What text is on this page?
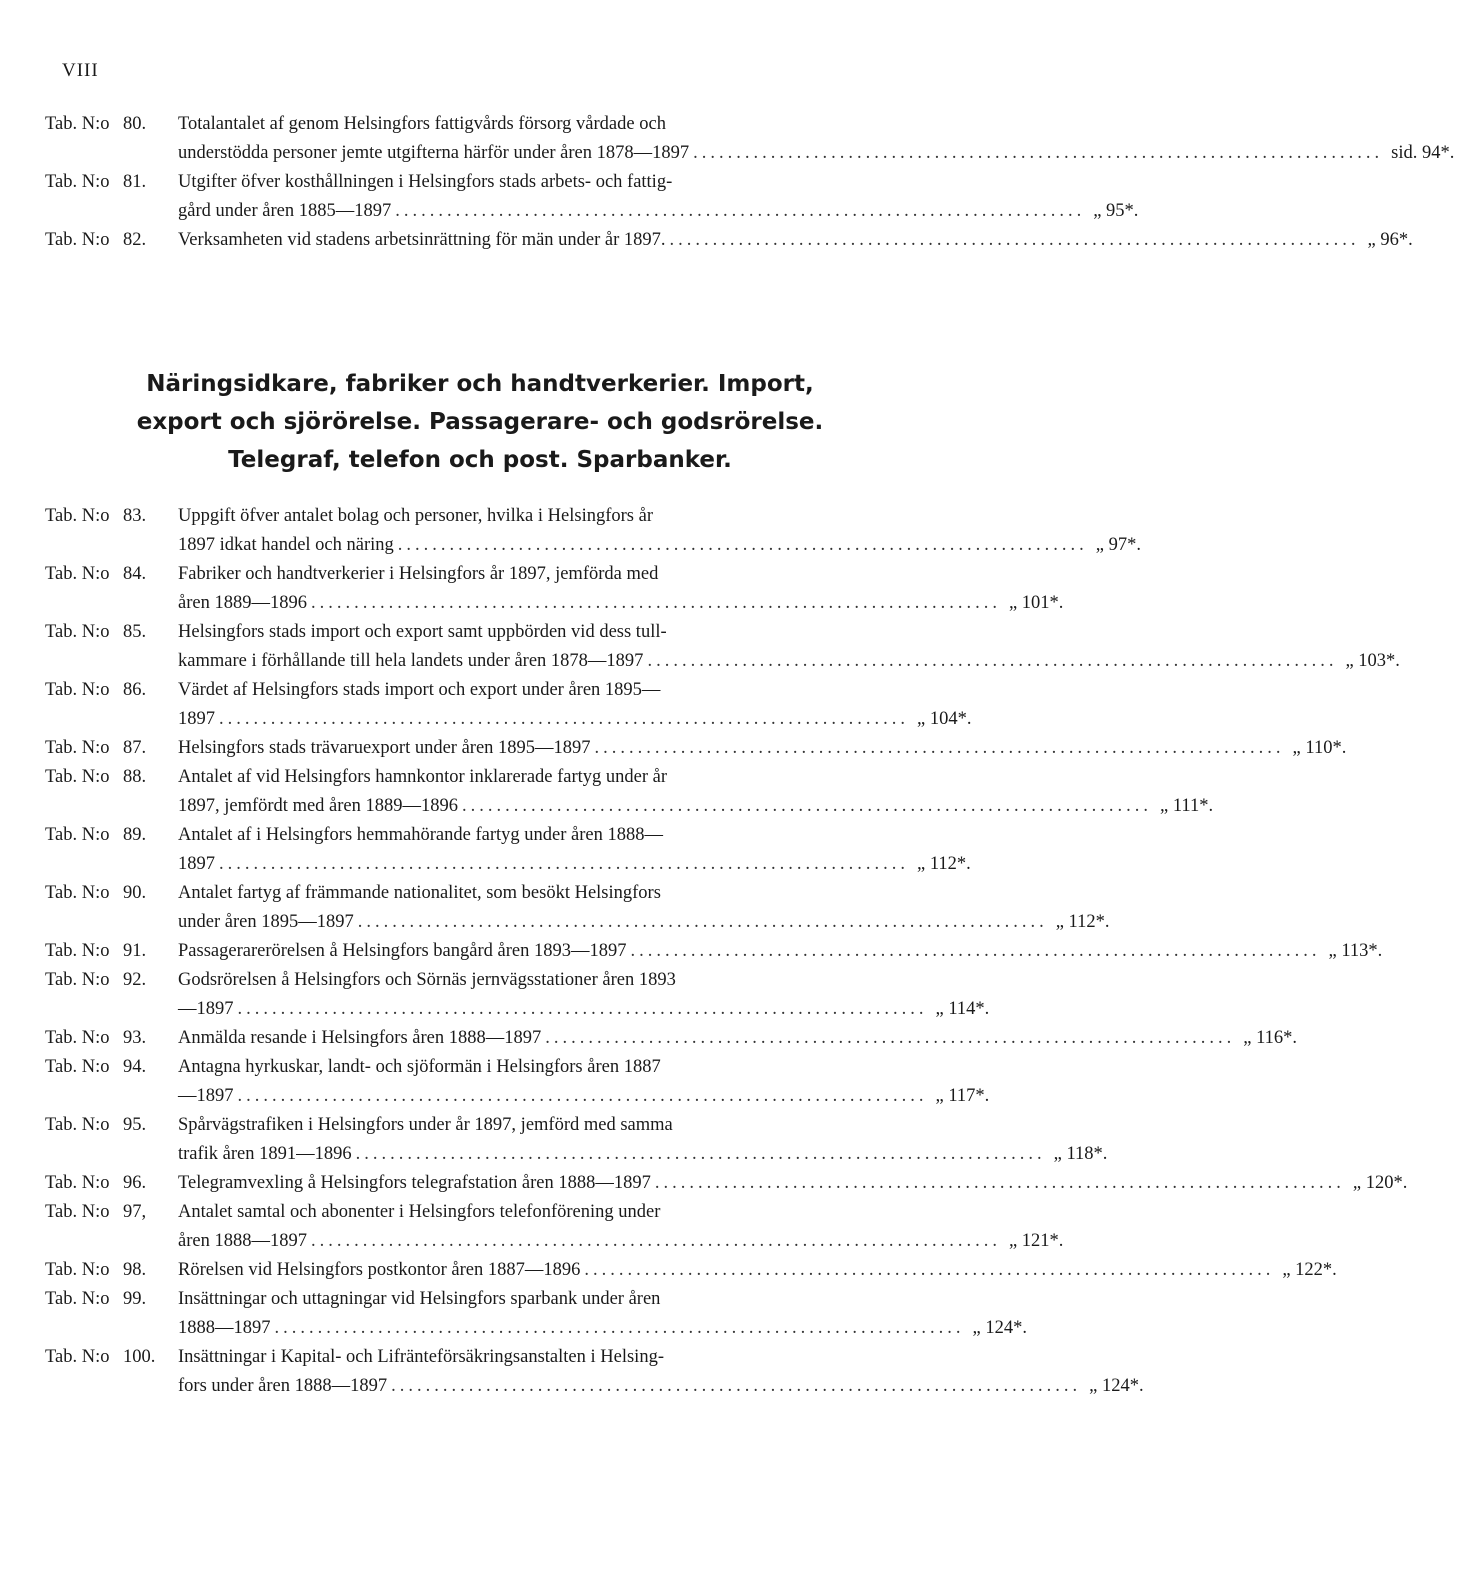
VIII
Tab. N:o 80.	Totalantalet af genom Helsingfors fattigvårds försorg vårdade och
understödda personer jemte utgifterna härför under åren 1878—1897 ................................................................................ sid. 94*.
Tab. N:o 81.	Utgifter öfver kosthållningen i Helsingfors stads arbets- och fattig-
gård under åren 1885—1897 ................................................................................ „ 95*.
Tab. N:o 82.	Verksamheten vid stadens arbetsinrättning för män under år 1897. ................................................................................ „ 96*.
Näringsidkare, fabriker och handtverkerier. Import,
export och sjörörelse. Passagerare- och godsrörelse.
Telegraf, telefon och post. Sparbanker.
Tab. N:o 83.	Uppgift öfver antalet bolag och personer, hvilka i Helsingfors år
1897 idkat handel och näring ................................................................................ „ 97*.
Tab. N:o 84.	Fabriker och handtverkerier i Helsingfors år 1897, jemförda med
åren 1889—1896 ................................................................................ „ 101*.
Tab. N:o 85.	Helsingfors stads import och export samt uppbörden vid dess tull-
kammare i förhållande till hela landets under åren 1878—1897 ................................................................................ „ 103*.
Tab. N:o 86.	Värdet af Helsingfors stads import och export under åren 1895—
1897 ................................................................................ „ 104*.
Tab. N:o 87.	Helsingfors stads trävaruexport under åren 1895—1897 ................................................................................ „ 110*.
Tab. N:o 88.	Antalet af vid Helsingfors hamnkontor inklarerade fartyg under år
1897, jemfördt med åren 1889—1896 ................................................................................ „ 111*.
Tab. N:o 89.	Antalet af i Helsingfors hemmahörande fartyg under åren 1888—
1897 ................................................................................ „ 112*.
Tab. N:o 90.	Antalet fartyg af främmande nationalitet, som besökt Helsingfors
under åren 1895—1897 ................................................................................ „ 112*.
Tab. N:o 91.	Passagerarerörelsen å Helsingfors bangård åren 1893—1897 ................................................................................ „ 113*.
Tab. N:o 92.	Godsrörelsen å Helsingfors och Sörnäs jernvägsstationer åren 1893
—1897 ................................................................................ „ 114*.
Tab. N:o 93.	Anmälda resande i Helsingfors åren 1888—1897 ................................................................................ „ 116*.
Tab. N:o 94.	Antagna hyrkuskar, landt- och sjöformän i Helsingfors åren 1887
—1897 ................................................................................ „ 117*.
Tab. N:o 95.	Spårvägstrafiken i Helsingfors under år 1897, jemförd med samma
trafik åren 1891—1896 ................................................................................ „ 118*.
Tab. N:o 96.	Telegramvexling å Helsingfors telegrafstation åren 1888—1897 ................................................................................ „ 120*.
Tab. N:o 97,	Antalet samtal och abonenter i Helsingfors telefonförening under
åren 1888—1897 ................................................................................ „ 121*.
Tab. N:o 98.	Rörelsen vid Helsingfors postkontor åren 1887—1896 ................................................................................ „ 122*.
Tab. N:o 99.	Insättningar och uttagningar vid Helsingfors sparbank under åren
1888—1897 ................................................................................ „ 124*.
Tab. N:o 100.	Insättningar i Kapital- och Lifränteförsäkringsanstalten i Helsing-
fors under åren 1888—1897 ................................................................................ „ 124*.
